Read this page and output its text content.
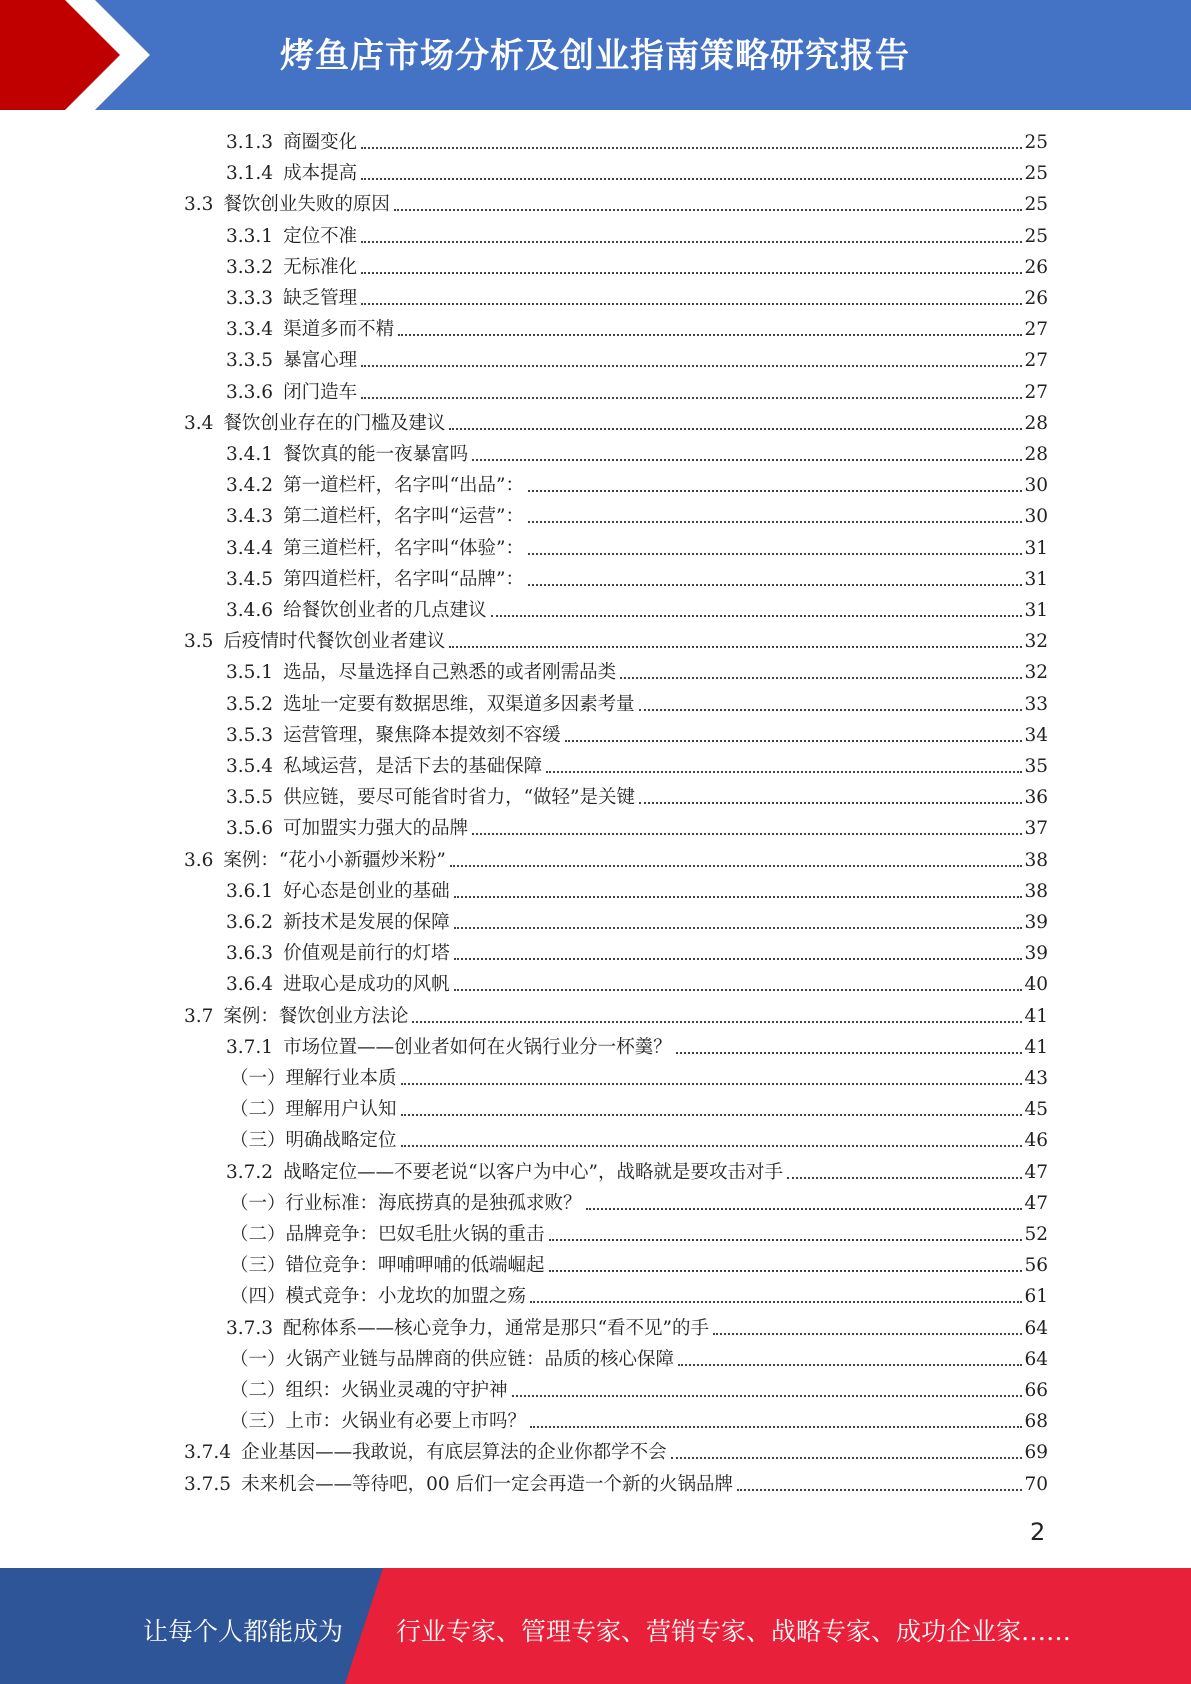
烤鱼店市场分析及创业指南策略研究报告
3.1.3 商圈变化	25
3.1.4 成本提高	25
3.3 餐饮创业失败的原因	25
3.3.1 定位不准	25
3.3.2 无标准化	26
3.3.3 缺乏管理	26
3.3.4 渠道多而不精	27
3.3.5 暴富心理	27
3.3.6 闭门造车	27
3.4 餐饮创业存在的门槛及建议	28
3.4.1 餐饮真的能一夜暴富吗	28
3.4.2 第一道栏杆，名字叫“出品”：	30
3.4.3 第二道栏杆，名字叫“运营”：	30
3.4.4 第三道栏杆，名字叫“体验”：	31
3.4.5 第四道栏杆，名字叫“品牌”：	31
3.4.6 给餐饮创业者的几点建议	31
3.5 后疫情时代餐饮创业者建议	32
3.5.1 选品，尽量选择自己熟悉的或者刚需品类	32
3.5.2 选址一定要有数据思维，双渠道多因素考量	33
3.5.3 运营管理，聚焦降本提效刻不容缓	34
3.5.4 私域运营，是活下去的基础保障	35
3.5.5 供应链，要尽可能省时省力，“做轻”是关键	36
3.5.6 可加盟实力强大的品牌	37
3.6 案例：“花小小新疆炒米粉”	38
3.6.1 好心态是创业的基础	38
3.6.2 新技术是发展的保障	39
3.6.3 价值观是前行的灯塔	39
3.6.4 进取心是成功的风帆	40
3.7 案例：餐饮创业方法论	41
3.7.1 市场位置——创业者如何在火锅行业分一杯羹？	41
（一）理解行业本质	43
（二）理解用户认知	45
（三）明确战略定位	46
3.7.2 战略定位——不要老说“以客户为中心”，战略就是要攻击对手	47
（一）行业标准：海底捞真的是独孤求败？	47
（二）品牌竞争：巴奴毛肚火锅的重击	52
（三）错位竞争：呷哺呷哺的低端崛起	56
（四）模式竞争：小龙坎的加盟之殇	61
3.7.3 配称体系——核心竞争力，通常是那只“看不见”的手	64
（一）火锅产业链与品牌商的供应链：品质的核心保障	64
（二）组织：火锅业灵魂的守护神	66
（三）上市：火锅业有必要上市吗？	68
3.7.4 企业基因——我敢说，有底层算法的企业你都学不会	69
3.7.5 未来机会——等待吧，00 后们一定会再造一个新的火锅品牌	70
2
让每个人都能成为 行业专家、管理专家、营销专家、战略专家、成功企业家……
